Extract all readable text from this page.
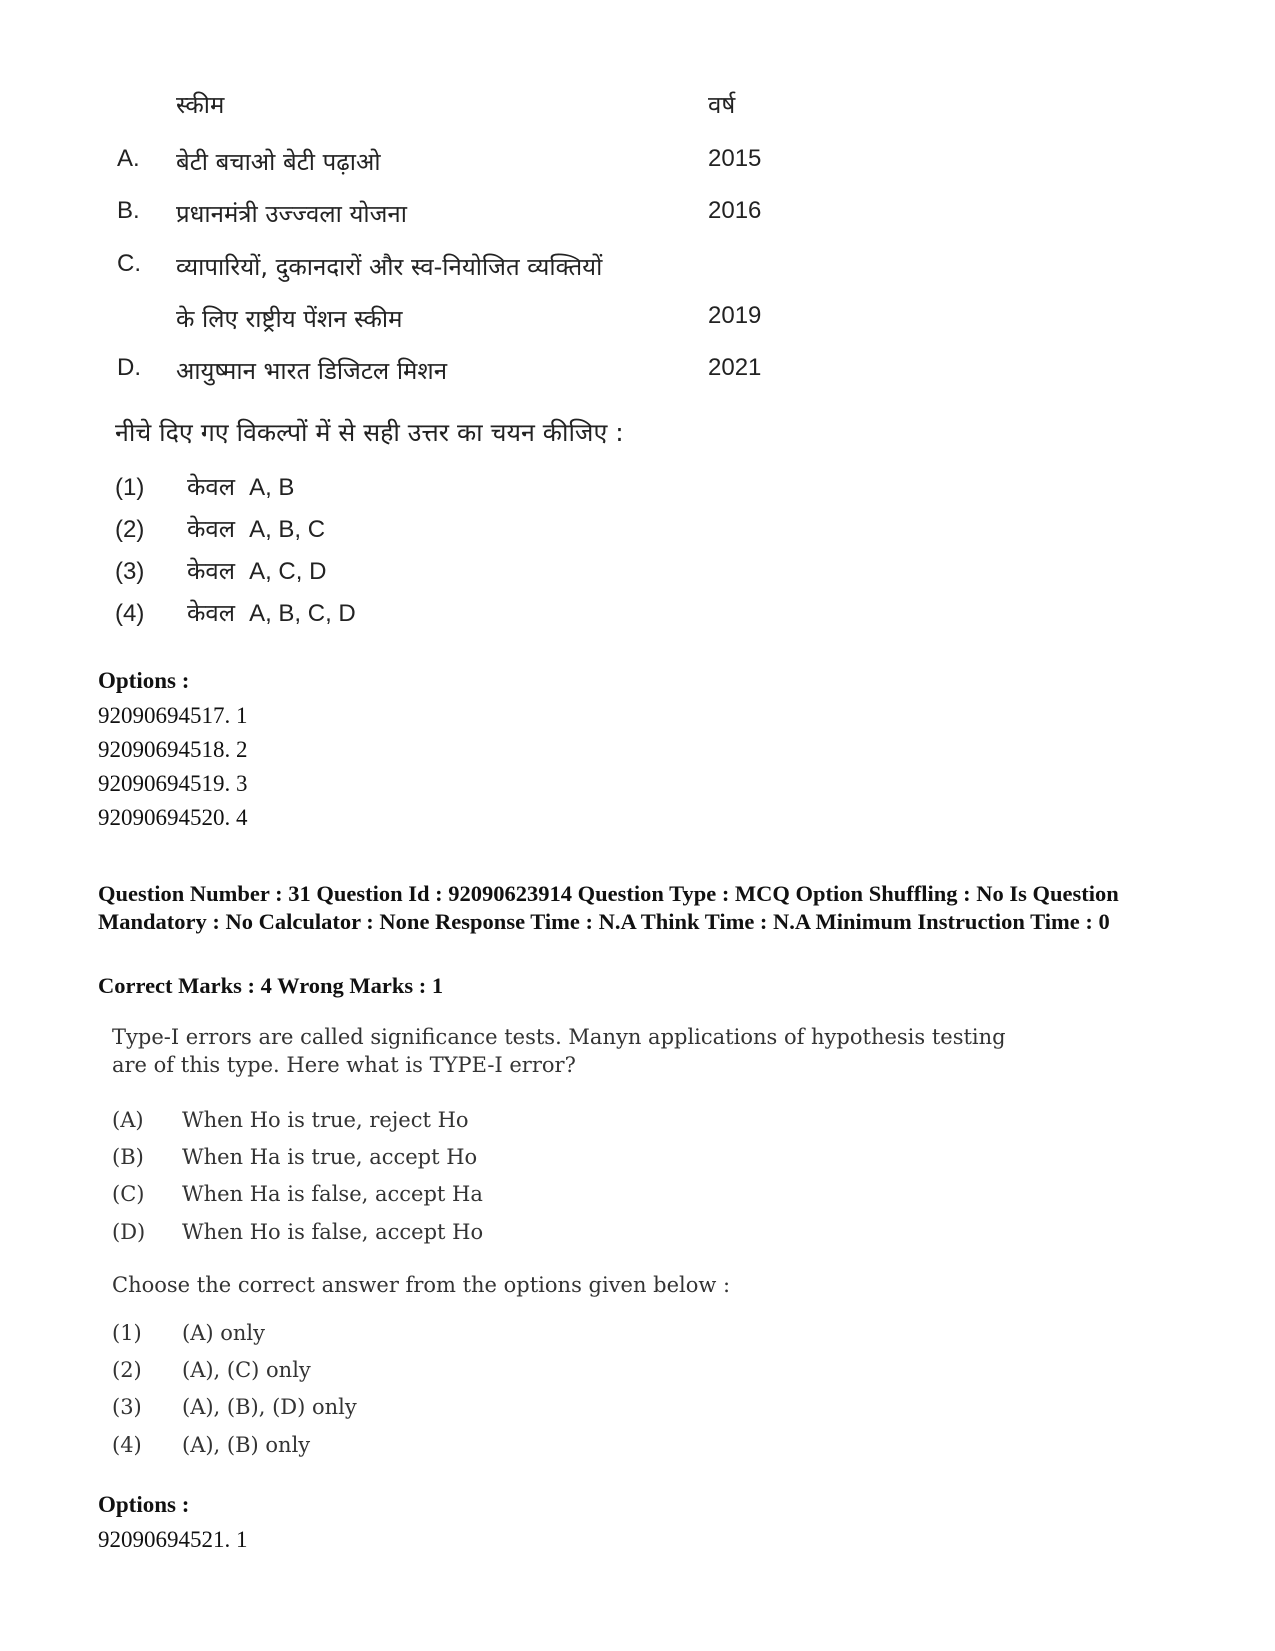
स्कीम	वर्ष
A. बेटी बचाओ बेटी पढ़ाओ	2015
B. प्रधानमंत्री उज्ज्वला योजना	2016
C. व्यापारियों, दुकानदारों और स्व-नियोजित व्यक्तियों
के लिए राष्ट्रीय पेंशन स्कीम	2019
D. आयुष्मान भारत डिजिटल मिशन	2021
नीचे दिए गए विकल्पों में से सही उत्तर का चयन कीजिए :
(1) केवल A, B
(2) केवल A, B, C
(3) केवल A, C, D
(4) केवल A, B, C, D
Options :
92090694517. 1
92090694518. 2
92090694519. 3
92090694520. 4
Question Number : 31 Question Id : 92090623914 Question Type : MCQ Option Shuffling : No Is Question Mandatory : No Calculator : None Response Time : N.A Think Time : N.A Minimum Instruction Time : 0
Correct Marks : 4 Wrong Marks : 1
Type-I errors are called significance tests. Manyn applications of hypothesis testing
are of this type. Here what is TYPE-I error?
(A) When Ho is true, reject Ho
(B) When Ha is true, accept Ho
(C) When Ha is false, accept Ha
(D) When Ho is false, accept Ho
Choose the correct answer from the options given below :
(1) (A) only
(2) (A), (C) only
(3) (A), (B), (D) only
(4) (A), (B) only
Options :
92090694521. 1
